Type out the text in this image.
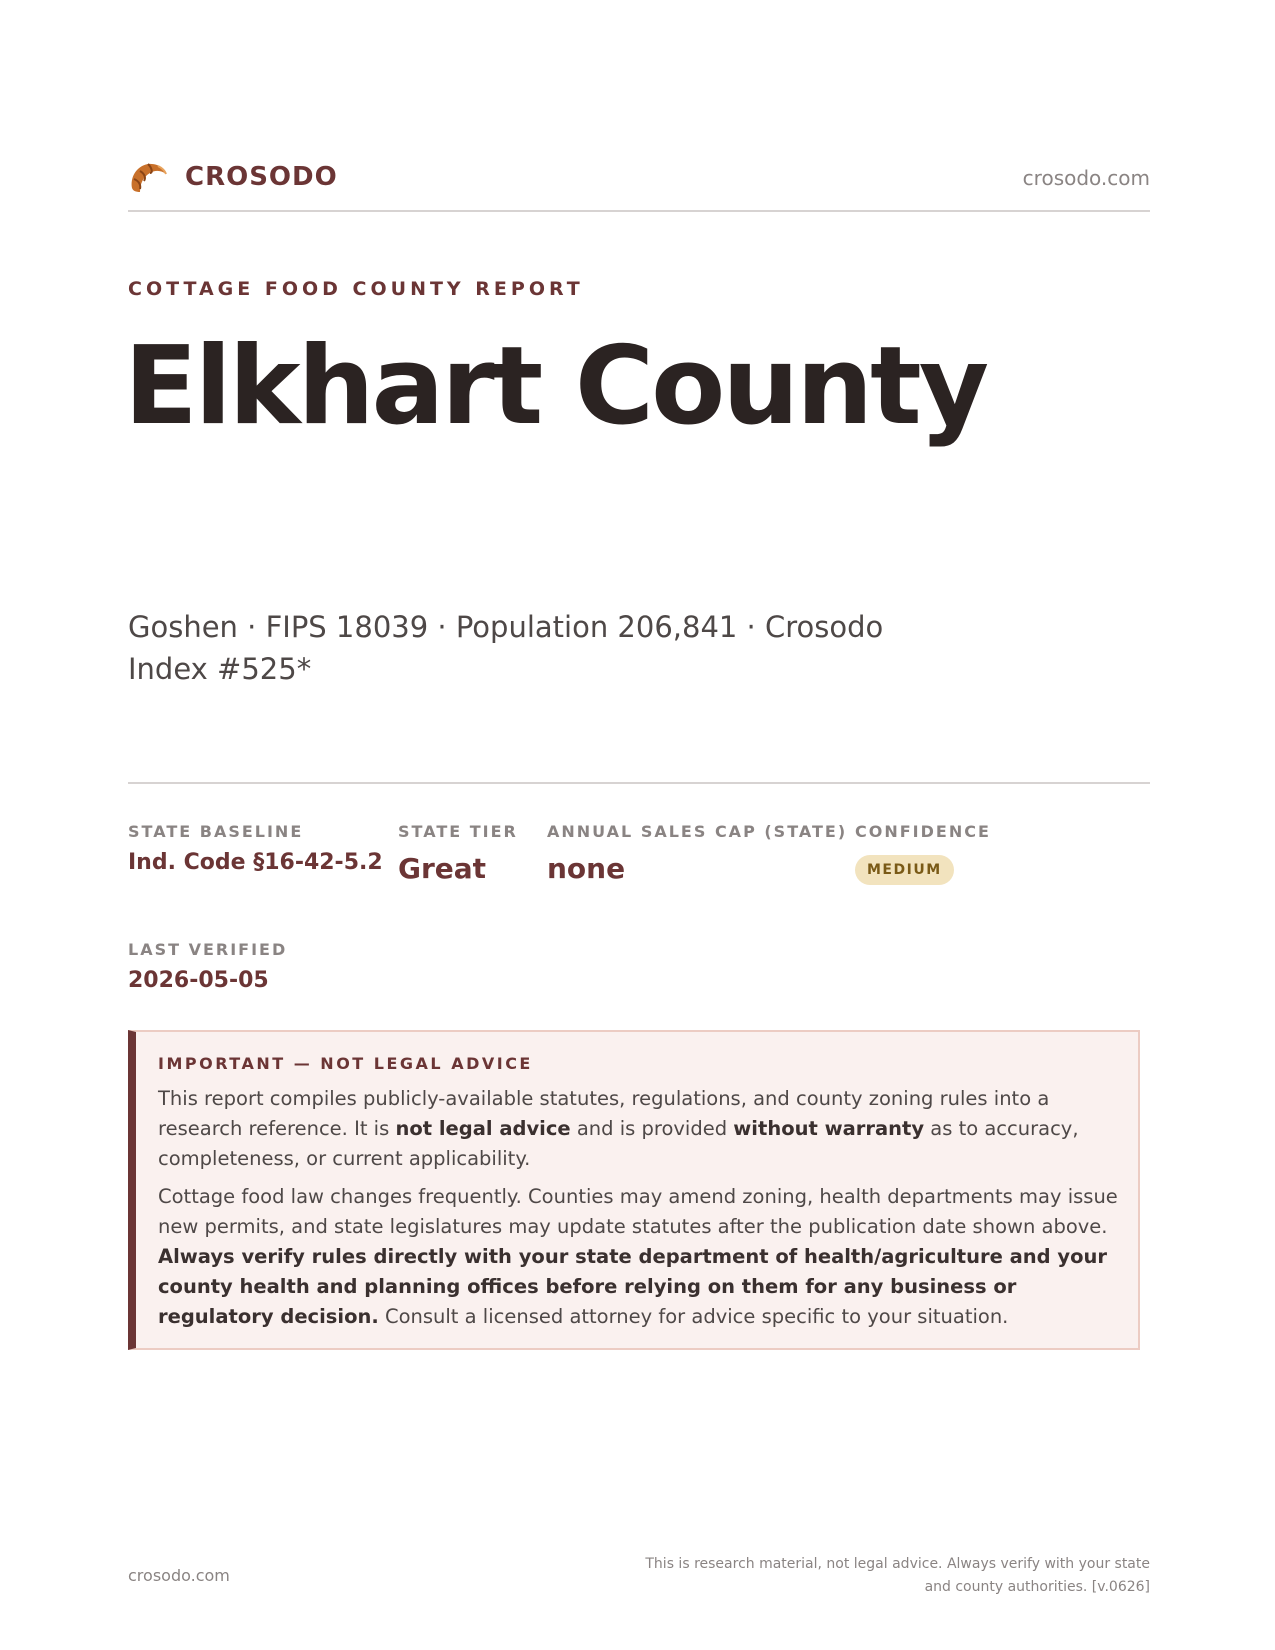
CROSODO	crosodo.com
COTTAGE FOOD COUNTY REPORT
Elkhart County
Goshen · FIPS 18039 · Population 206,841 · Crosodo Index #525*
STATE BASELINE
Ind. Code §16-42-5.2
STATE TIER
Great
ANNUAL SALES CAP (STATE)
none
CONFIDENCE
MEDIUM
LAST VERIFIED
2026-05-05
IMPORTANT — NOT LEGAL ADVICE

This report compiles publicly-available statutes, regulations, and county zoning rules into a research reference. It is not legal advice and is provided without warranty as to accuracy, completeness, or current applicability.

Cottage food law changes frequently. Counties may amend zoning, health departments may issue new permits, and state legislatures may update statutes after the publication date shown above. Always verify rules directly with your state department of health/agriculture and your county health and planning offices before relying on them for any business or regulatory decision. Consult a licensed attorney for advice specific to your situation.

crosodo.com
This is research material, not legal advice. Always verify with your state and county authorities. [v.0626]
